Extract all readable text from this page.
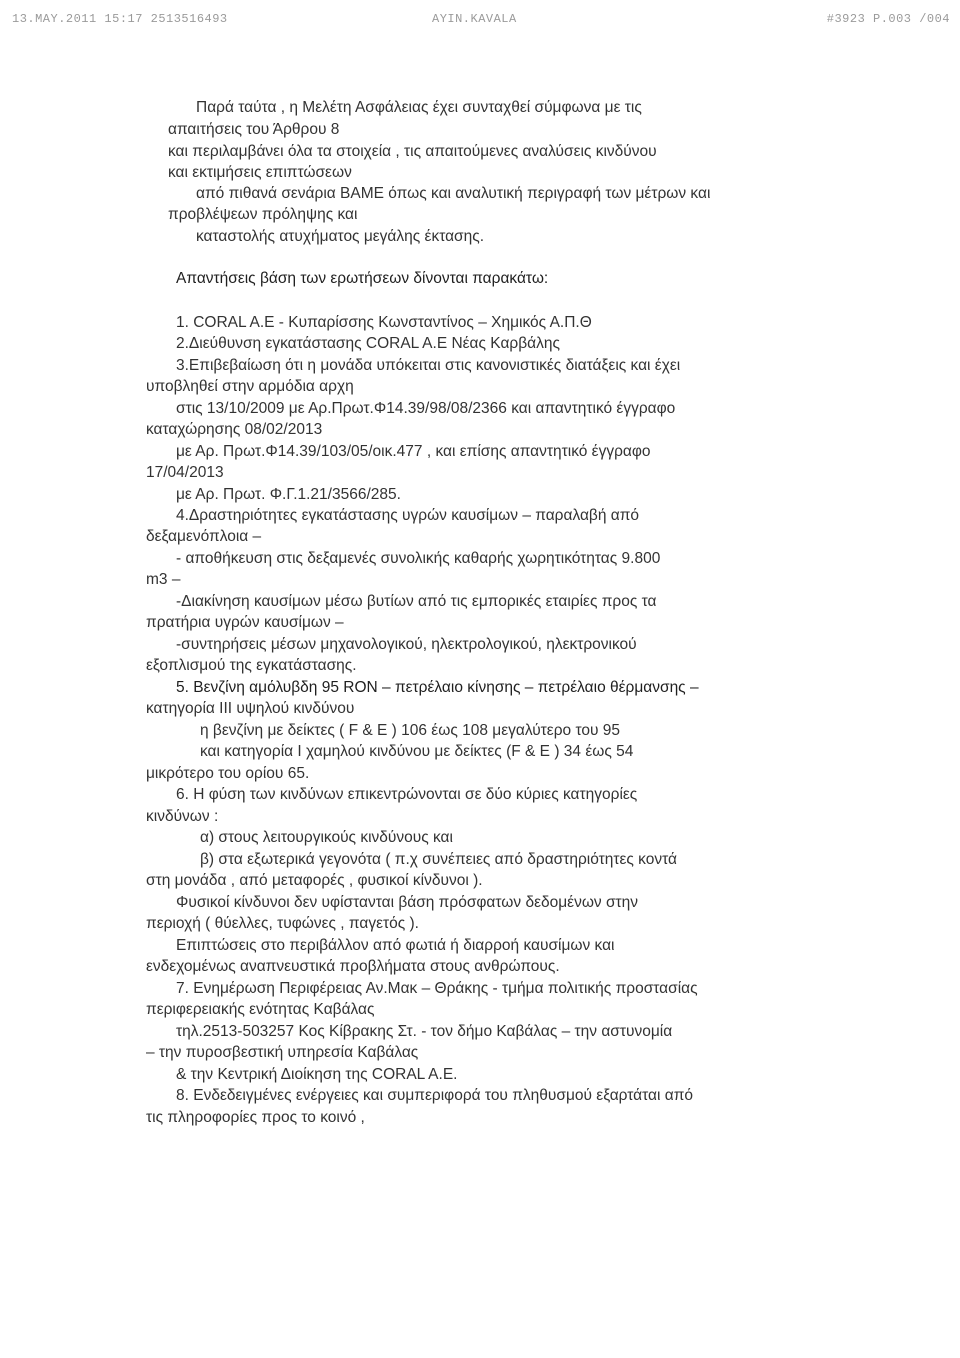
13.ΜΑΥ.2011 15:17 2513516493	ΑΥΙΝ.ΚΑVALA	#3923 P.003 /004
Παρά ταύτα , η Μελέτη Ασφάλειας έχει συνταχθεί σύμφωνα με τις
απαιτήσεις του Άρθρου 8
και περιλαμβάνει όλα τα στοιχεία , τις απαιτούμενες αναλύσεις κινδύνου
και εκτιμήσεις επιπτώσεων
από πιθανά σενάρια ΒΑΜΕ όπως και αναλυτική περιγραφή των μέτρων και
προβλέψεων πρόληψης και
καταστολής ατυχήματος μεγάλης έκτασης.
Απαντήσεις βάση των ερωτήσεων δίνονται παρακάτω:
1. CORAL A.E - Κυπαρίσσης Κωνσταντίνος – Χημικός Α.Π.Θ
2.Διεύθυνση εγκατάστασης CORAL A.E Νέας Καρβάλης
3.Επιβεβαίωση ότι η μονάδα υπόκειται στις κανονιστικές διατάξεις και έχει
υποβληθεί στην αρμόδια αρχη
στις 13/10/2009 με Αρ.Πρωτ.Φ14.39/98/08/2366 και απαντητικό έγγραφο
καταχώρησης 08/02/2013
με Αρ. Πρωτ.Φ14.39/103/05/οικ.477 , και επίσης απαντητικό έγγραφο
17/04/2013
με Αρ. Πρωτ. Φ.Γ.1.21/3566/285.
4.Δραστηριότητες εγκατάστασης υγρών καυσίμων – παραλαβή από
δεξαμενόπλοια –
- αποθήκευση στις δεξαμενές συνολικής καθαρής χωρητικότητας 9.800
m3 –
-Διακίνηση καυσίμων μέσω βυτίων από τις εμπορικές εταιρίες προς τα
πρατήρια υγρών καυσίμων –
-συντηρήσεις μέσων μηχανολογικού, ηλεκτρολογικού, ηλεκτρονικού
εξοπλισμού της εγκατάστασης.
5. Βενζίνη αμόλυβδη 95 RON – πετρέλαιο κίνησης – πετρέλαιο θέρμανσης –
κατηγορία ΙΙΙ υψηλού κινδύνου
η βενζίνη με δείκτες ( F & E ) 106 έως 108 μεγαλύτερο του 95
και κατηγορία Ι χαμηλού κινδύνου με δείκτες (F & E ) 34 έως 54
μικρότερο του ορίου 65.
6. Η φύση των κινδύνων επικεντρώνονται σε δύο κύριες κατηγορίες
κινδύνων :
α) στους λειτουργικούς κινδύνους και
β) στα εξωτερικά γεγονότα ( π.χ συνέπειες από δραστηριότητες κοντά
στη μονάδα , από μεταφορές , φυσικοί κίνδυνοι ).
Φυσικοί κίνδυνοι δεν υφίστανται βάση πρόσφατων δεδομένων στην
περιοχή ( θύελλες, τυφώνες , παγετός ).
Επιπτώσεις στο περιβάλλον από φωτιά ή διαρροή καυσίμων και
ενδεχομένως αναπνευστικά προβλήματα στους ανθρώπους.
7. Ενημέρωση Περιφέρειας Αν.Μακ – Θράκης - τμήμα πολιτικής προστασίας
περιφερειακής ενότητας Καβάλας
τηλ.2513-503257 Κος Κίβρακης Στ. - τον δήμο Καβάλας – την αστυνομία
– την πυροσβεστική υπηρεσία Καβάλας
& την Κεντρική Διοίκηση της CORAL A.E.
8. Ενδεδειγμένες ενέργειες και συμπεριφορά του πληθυσμού εξαρτάται από
τις πληροφορίες προς το κοινό ,
